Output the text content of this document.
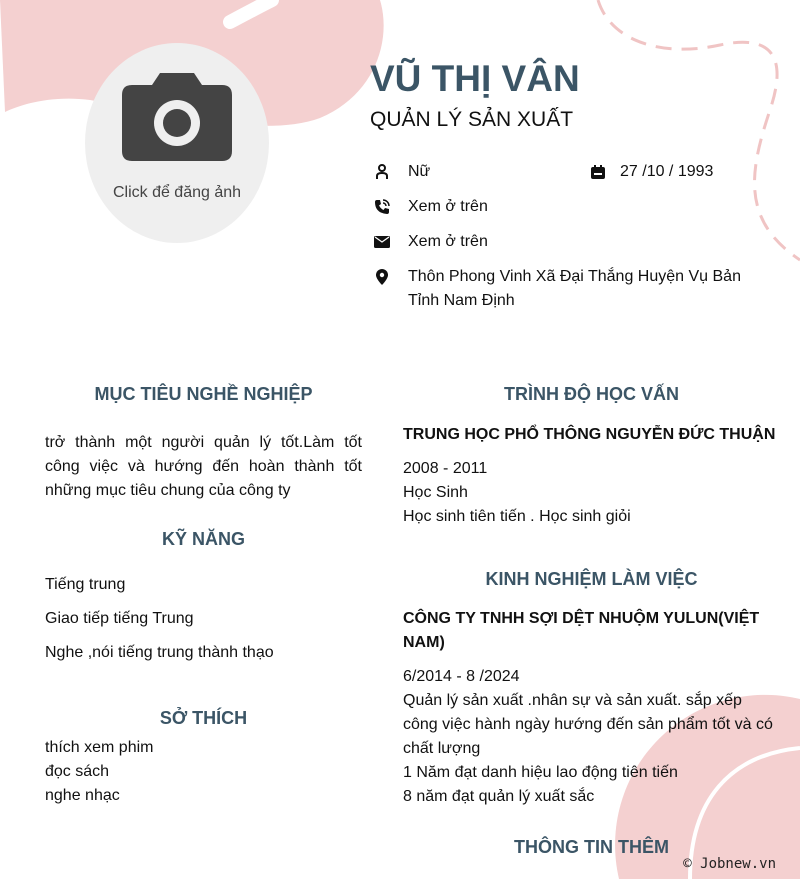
Click để đăng ảnh
VŨ THỊ VÂN
QUẢN LÝ SẢN XUẤT
Nữ	27 /10 / 1993
Xem ở trên
Xem ở trên
Thôn Phong Vinh Xã Đại Thắng Huyện Vụ Bản
Tỉnh Nam Định
MỤC TIÊU NGHỀ NGHIỆP
trở thành một người quản lý tốt.Làm tốt công việc và hướng đến hoàn thành tốt những mục tiêu chung của công ty
KỸ NĂNG
Tiếng trung
Giao tiếp tiếng Trung
Nghe ,nói tiếng trung thành thạo
SỞ THÍCH
thích xem phim
đọc sách
nghe nhạc
TRÌNH ĐỘ HỌC VẤN
TRUNG HỌC PHỔ THÔNG NGUYỄN ĐỨC THUẬN
2008 - 2011
Học Sinh
Học sinh tiên tiến . Học sinh giỏi
KINH NGHIỆM LÀM VIỆC
CÔNG TY TNHH SỢI DỆT NHUỘM YULUN(VIỆT NAM)
6/2014 - 8 /2024
Quản lý sản xuất .nhân sự và sản xuất. sắp xếp công việc hành ngày hướng đến sản phẩm tốt và có chất lượng
1 Năm đạt danh hiệu lao động tiên tiến
8 năm đạt quản lý xuất sắc
THÔNG TIN THÊM
© Jobnew.vn
